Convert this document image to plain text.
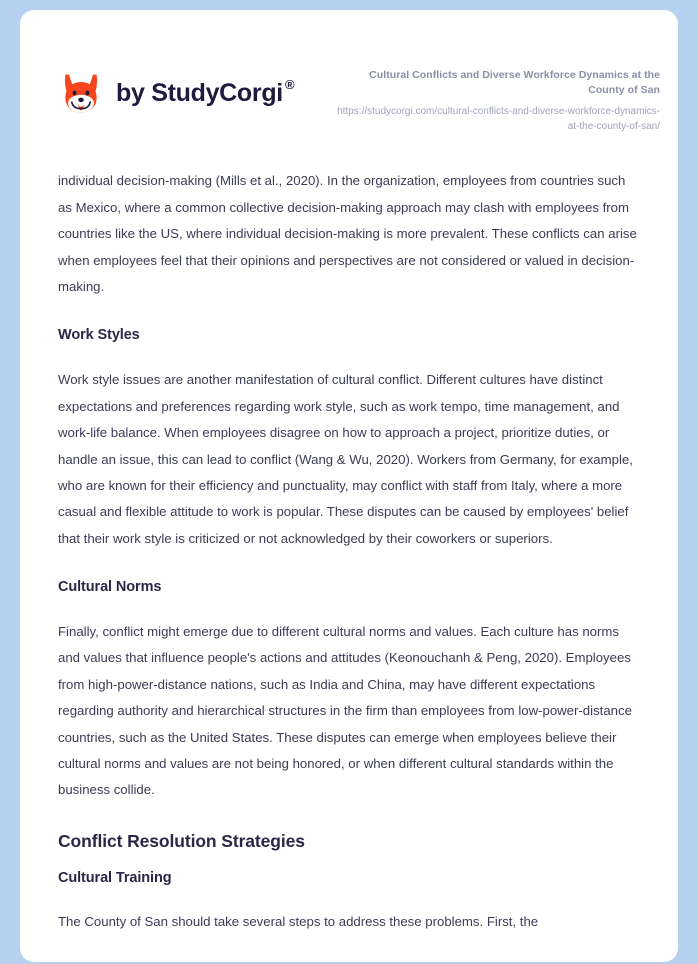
by StudyCorgi ®

Cultural Conflicts and Diverse Workforce Dynamics at the County of San

https://studycorgi.com/cultural-conflicts-and-diverse-workforce-dynamics-at-the-county-of-san/

individual decision-making (Mills et al., 2020). In the organization, employees from countries such as Mexico, where a common collective decision-making approach may clash with employees from countries like the US, where individual decision-making is more prevalent. These conflicts can arise when employees feel that their opinions and perspectives are not considered or valued in decision-making.

Work Styles

Work style issues are another manifestation of cultural conflict. Different cultures have distinct expectations and preferences regarding work style, such as work tempo, time management, and work-life balance. When employees disagree on how to approach a project, prioritize duties, or handle an issue, this can lead to conflict (Wang & Wu, 2020). Workers from Germany, for example, who are known for their efficiency and punctuality, may conflict with staff from Italy, where a more casual and flexible attitude to work is popular. These disputes can be caused by employees' belief that their work style is criticized or not acknowledged by their coworkers or superiors.

Cultural Norms

Finally, conflict might emerge due to different cultural norms and values. Each culture has norms and values that influence people's actions and attitudes (Keonouchanh & Peng, 2020). Employees from high-power-distance nations, such as India and China, may have different expectations regarding authority and hierarchical structures in the firm than employees from low-power-distance countries, such as the United States. These disputes can emerge when employees believe their cultural norms and values are not being honored, or when different cultural standards within the business collide.

Conflict Resolution Strategies
Cultural Training

The County of San should take several steps to address these problems. First, the
